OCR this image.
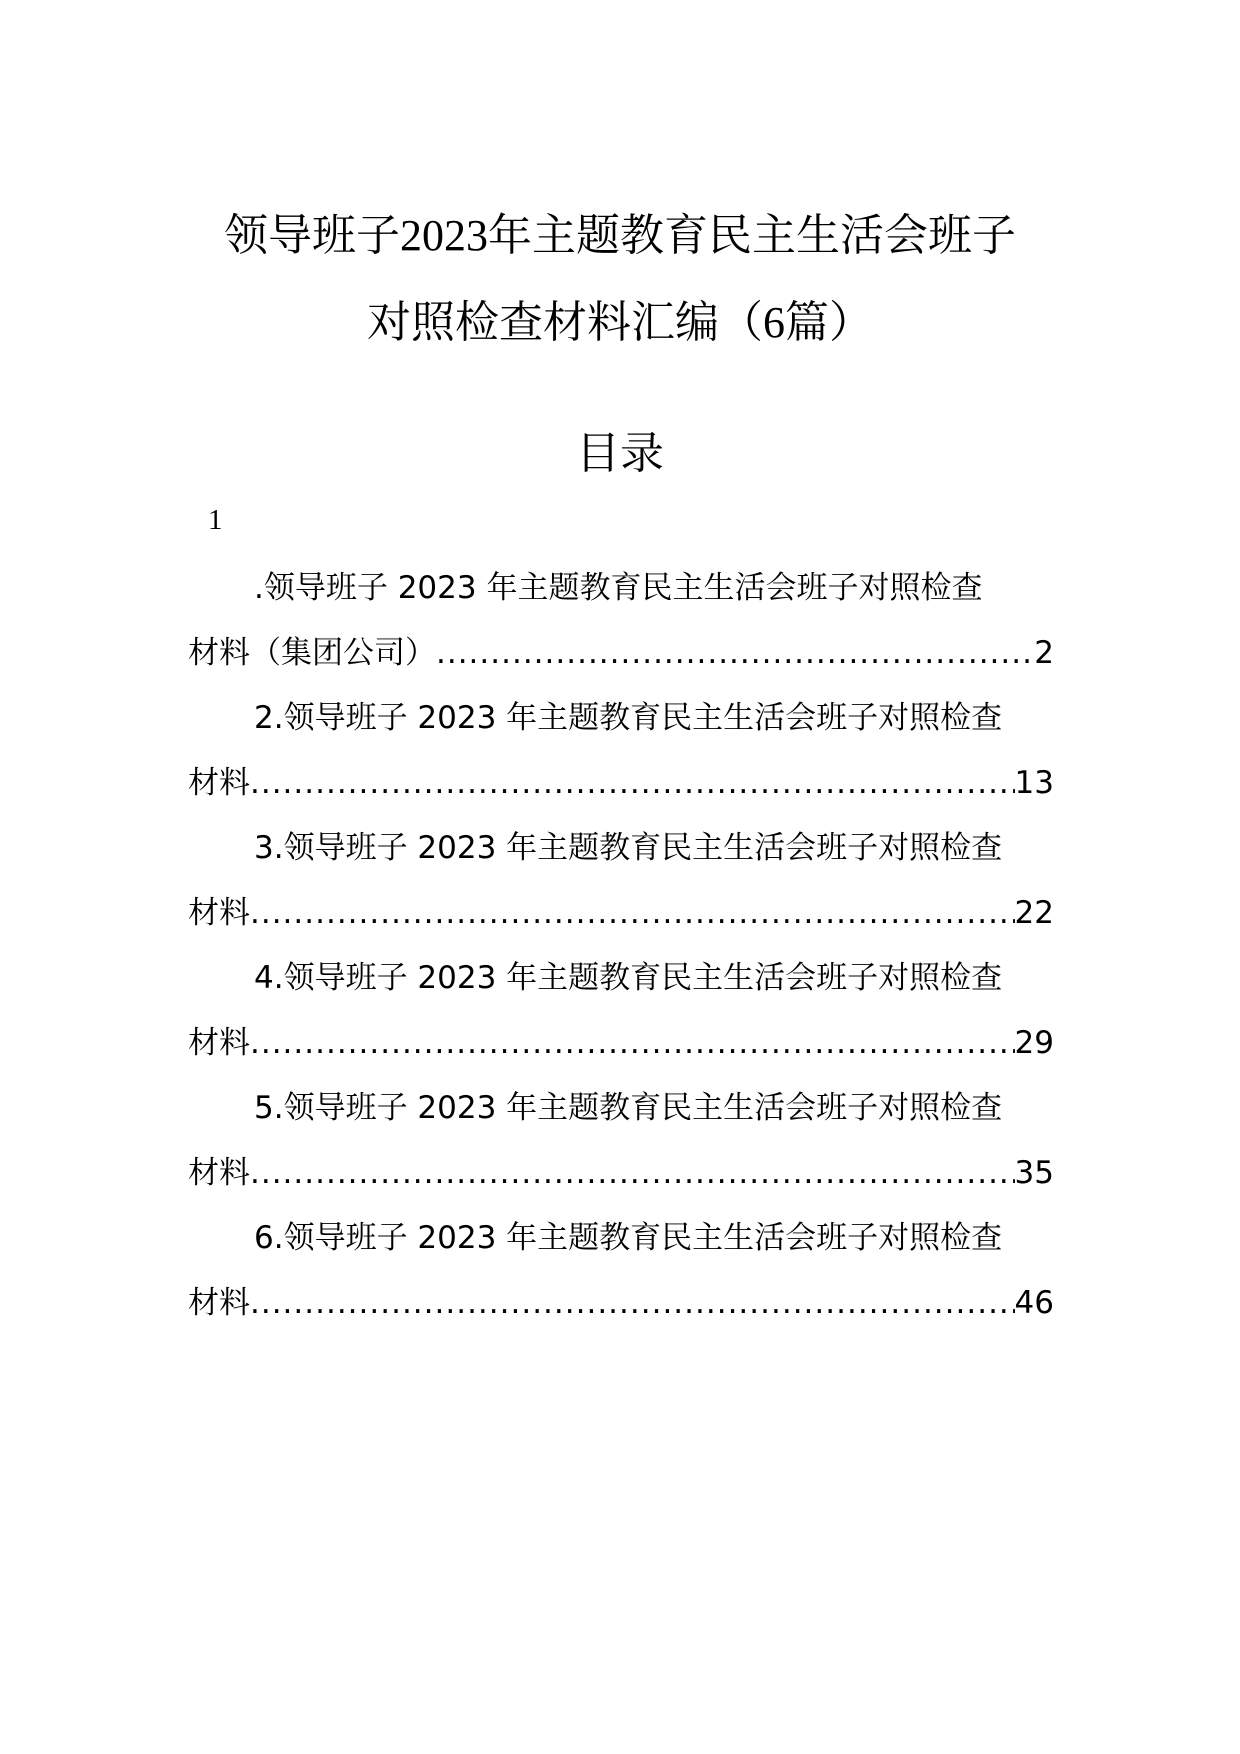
领导班子2023年主题教育民主生活会班子
对照检查材料汇编（6篇）
目录
1
.领导班子 2023 年主题教育民主生活会班子对照检查
材料（集团公司） .....	2
2.领导班子 2023 年主题教育民主生活会班子对照检查
材料 .....	13
3.领导班子 2023 年主题教育民主生活会班子对照检查
材料 .....	22
4.领导班子 2023 年主题教育民主生活会班子对照检查
材料 .....	29
5.领导班子 2023 年主题教育民主生活会班子对照检查
材料 .....	35
6.领导班子 2023 年主题教育民主生活会班子对照检查
材料 .....	46
